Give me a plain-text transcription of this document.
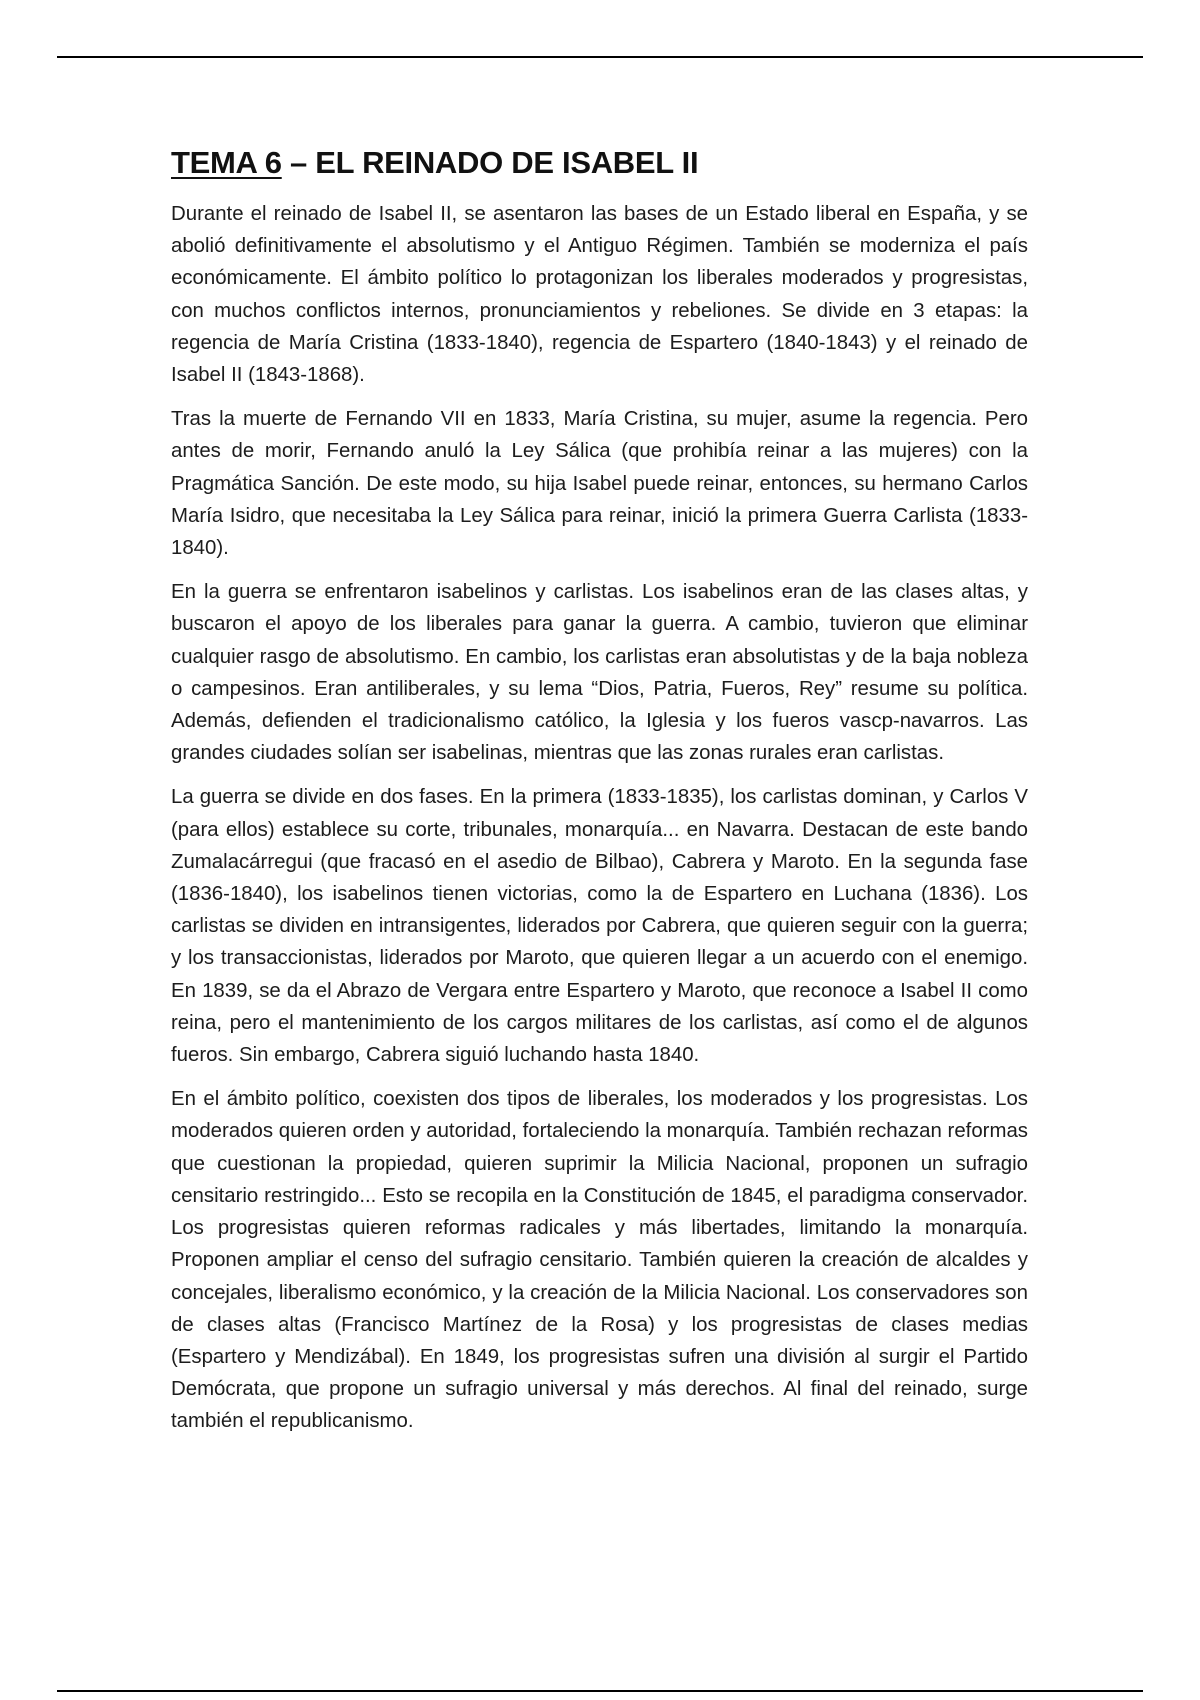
TEMA 6 – EL REINADO DE ISABEL II

Durante el reinado de Isabel II, se asentaron las bases de un Estado liberal en España, y se abolió definitivamente el absolutismo y el Antiguo Régimen. También se moderniza el país económicamente. El ámbito político lo protagonizan los liberales moderados y progresistas, con muchos conflictos internos, pronunciamientos y rebeliones. Se divide en 3 etapas: la regencia de María Cristina (1833-1840), regencia de Espartero (1840-1843) y el reinado de Isabel II (1843-1868).

Tras la muerte de Fernando VII en 1833, María Cristina, su mujer, asume la regencia. Pero antes de morir, Fernando anuló la Ley Sálica (que prohibía reinar a las mujeres) con la Pragmática Sanción. De este modo, su hija Isabel puede reinar, entonces, su hermano Carlos María Isidro, que necesitaba la Ley Sálica para reinar, inició la primera Guerra Carlista (1833-1840).

En la guerra se enfrentaron isabelinos y carlistas. Los isabelinos eran de las clases altas, y buscaron el apoyo de los liberales para ganar la guerra. A cambio, tuvieron que eliminar cualquier rasgo de absolutismo. En cambio, los carlistas eran absolutistas y de la baja nobleza o campesinos. Eran antiliberales, y su lema “Dios, Patria, Fueros, Rey” resume su política. Además, defienden el tradicionalismo católico, la Iglesia y los fueros vascp-navarros. Las grandes ciudades solían ser isabelinas, mientras que las zonas rurales eran carlistas.

La guerra se divide en dos fases. En la primera (1833-1835), los carlistas dominan, y Carlos V (para ellos) establece su corte, tribunales, monarquía... en Navarra. Destacan de este bando Zumalacárregui (que fracasó en el asedio de Bilbao), Cabrera y Maroto. En la segunda fase (1836-1840), los isabelinos tienen victorias, como la de Espartero en Luchana (1836). Los carlistas se dividen en intransigentes, liderados por Cabrera, que quieren seguir con la guerra; y los transaccionistas, liderados por Maroto, que quieren llegar a un acuerdo con el enemigo. En 1839, se da el Abrazo de Vergara entre Espartero y Maroto, que reconoce a Isabel II como reina, pero el mantenimiento de los cargos militares de los carlistas, así como el de algunos fueros. Sin embargo, Cabrera siguió luchando hasta 1840.

En el ámbito político, coexisten dos tipos de liberales, los moderados y los progresistas. Los moderados quieren orden y autoridad, fortaleciendo la monarquía. También rechazan reformas que cuestionan la propiedad, quieren suprimir la Milicia Nacional, proponen un sufragio censitario restringido... Esto se recopila en la Constitución de 1845, el paradigma conservador. Los progresistas quieren reformas radicales y más libertades, limitando la monarquía. Proponen ampliar el censo del sufragio censitario. También quieren la creación de alcaldes y concejales, liberalismo económico, y la creación de la Milicia Nacional. Los conservadores son de clases altas (Francisco Martínez de la Rosa) y los progresistas de clases medias (Espartero y Mendizábal). En 1849, los progresistas sufren una división al surgir el Partido Demócrata, que propone un sufragio universal y más derechos. Al final del reinado, surge también el republicanismo.
